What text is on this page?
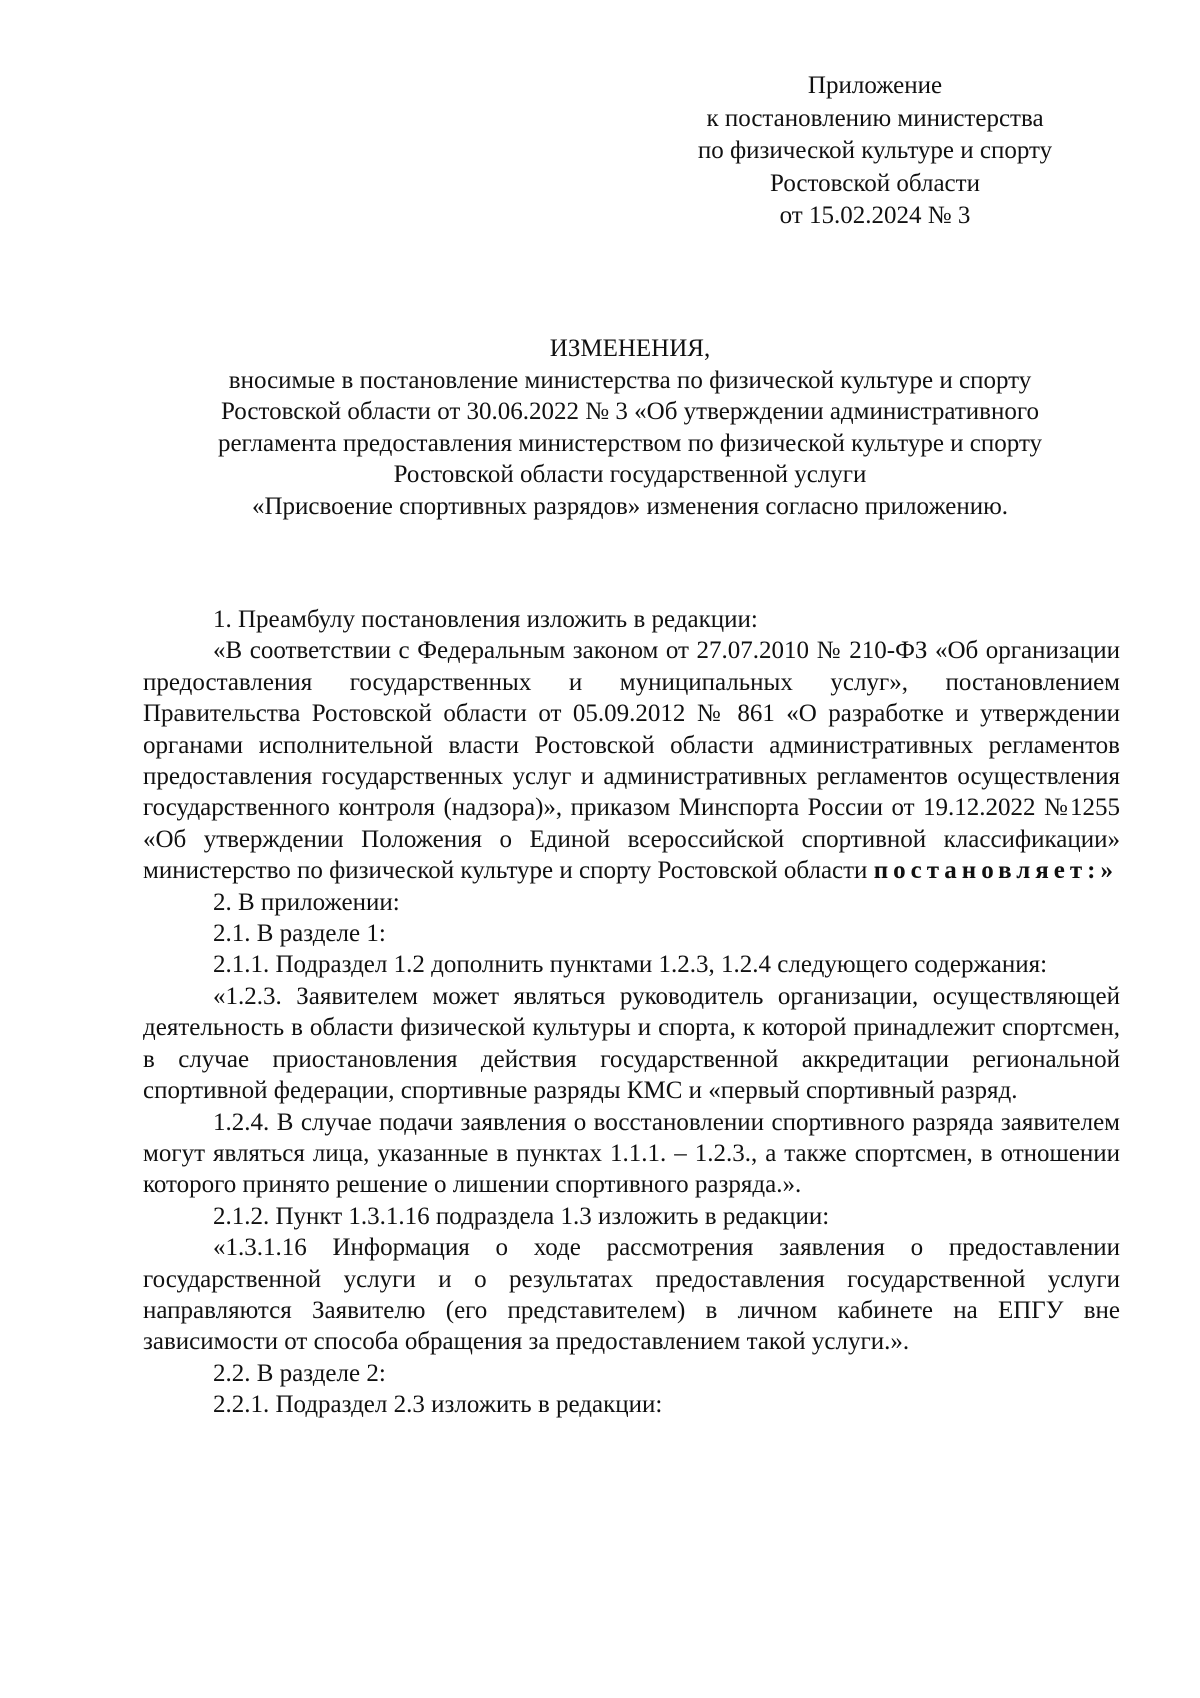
Приложение
к постановлению министерства
по физической культуре и спорту
Ростовской области
от 15.02.2024 № 3
ИЗМЕНЕНИЯ,
вносимые в постановление министерства по физической культуре и спорту
Ростовской области от 30.06.2022 № 3 «Об утверждении административного
регламента предоставления министерством по физической культуре и спорту
Ростовской области государственной услуги
«Присвоение спортивных разрядов» изменения согласно приложению.

1. Преамбулу постановления изложить в редакции:

«В соответствии с Федеральным законом от 27.07.2010 № 210-ФЗ «Об организации предоставления государственных и муниципальных услуг», постановлением Правительства Ростовской области от 05.09.2012 № 861 «О разработке и утверждении органами исполнительной власти Ростовской области административных регламентов предоставления государственных услуг и административных регламентов осуществления государственного контроля (надзора)», приказом Минспорта России от 19.12.2022 №1255 «Об утверждении Положения о Единой всероссийской спортивной классификации» министерство по физической культуре и спорту Ростовской области постановляет:»

2. В приложении:

2.1. В разделе 1:

2.1.1. Подраздел 1.2 дополнить пунктами 1.2.3, 1.2.4 следующего содержания:

«1.2.3. Заявителем может являться руководитель организации, осуществляющей деятельность в области физической культуры и спорта, к которой принадлежит спортсмен, в случае приостановления действия государственной аккредитации региональной спортивной федерации, спортивные разряды КМС и «первый спортивный разряд.

1.2.4. В случае подачи заявления о восстановлении спортивного разряда заявителем могут являться лица, указанные в пунктах 1.1.1. – 1.2.3., а также спортсмен, в отношении которого принято решение о лишении спортивного разряда.».

2.1.2. Пункт 1.3.1.16 подраздела 1.3 изложить в редакции:

«1.3.1.16 Информация о ходе рассмотрения заявления о предоставлении государственной услуги и о результатах предоставления государственной услуги направляются Заявителю (его представителем) в личном кабинете на ЕПГУ вне зависимости от способа обращения за предоставлением такой услуги.».

2.2. В разделе 2:

2.2.1. Подраздел 2.3 изложить в редакции:
